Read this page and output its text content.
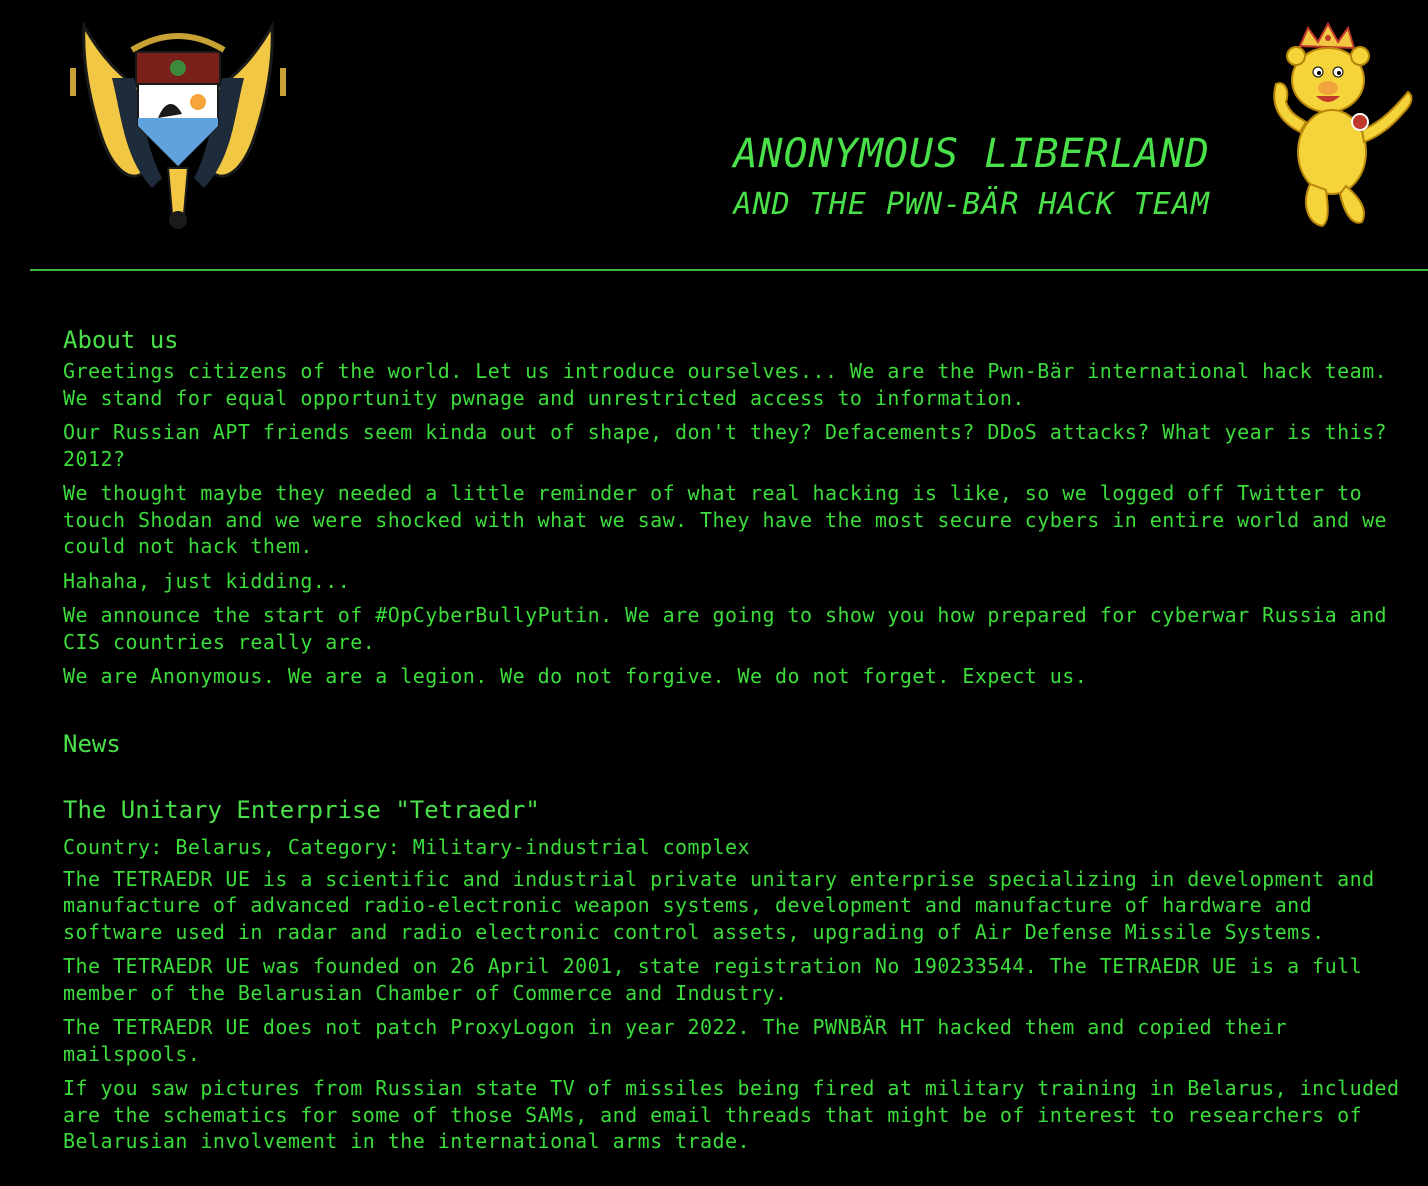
ANONYMOUS LIBERLAND
AND THE PWN-BÄR HACK TEAM
About us

Greetings citizens of the world. Let us introduce ourselves... We are the Pwn-Bär international hack team. We stand for equal opportunity pwnage and unrestricted access to information.

Our Russian APT friends seem kinda out of shape, don't they? Defacements? DDoS attacks? What year is this? 2012?

We thought maybe they needed a little reminder of what real hacking is like, so we logged off Twitter to touch Shodan and we were shocked with what we saw. They have the most secure cybers in entire world and we could not hack them.

Hahaha, just kidding...

We announce the start of #OpCyberBullyPutin. We are going to show you how prepared for cyberwar Russia and CIS countries really are.

We are Anonymous. We are a legion. We do not forgive. We do not forget. Expect us.

News
The Unitary Enterprise "Tetraedr"
Country: Belarus, Category: Military-industrial complex

The TETRAEDR UE is a scientific and industrial private unitary enterprise specializing in development and manufacture of advanced radio-electronic weapon systems, development and manufacture of hardware and software used in radar and radio electronic control assets, upgrading of Air Defense Missile Systems.

The TETRAEDR UE was founded on 26 April 2001, state registration No 190233544. The TETRAEDR UE is a full member of the Belarusian Chamber of Commerce and Industry.

The TETRAEDR UE does not patch ProxyLogon in year 2022. The PWNBÄR HT hacked them and copied their mailspools.

If you saw pictures from Russian state TV of missiles being fired at military training in Belarus, included are the schematics for some of those SAMs, and email threads that might be of interest to researchers of Belarusian involvement in the international arms trade.
